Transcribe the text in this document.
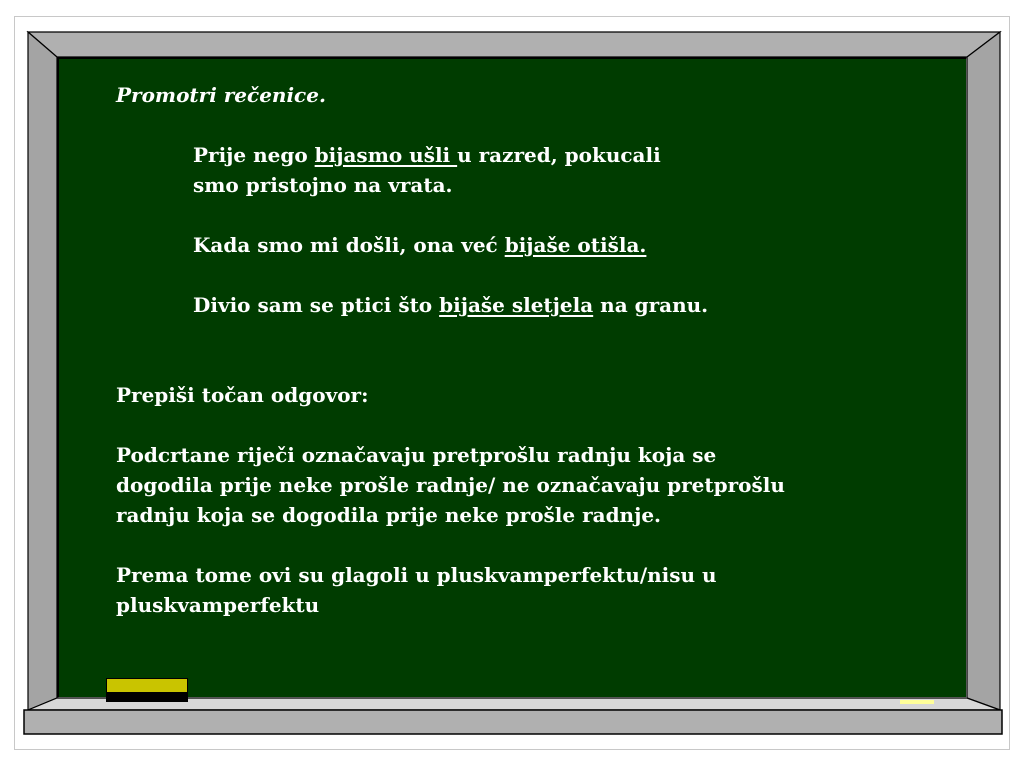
Promotri rečenice.

Prije nego bijasmo ušli u razred, pokucali

smo pristojno na vrata.

Kada smo mi došli, ona već bijaše otišla.

Divio sam se ptici što bijaše sletjela na granu.

Prepiši točan odgovor:

Podcrtane riječi označavaju pretprošlu radnju koja se

dogodila prije neke prošle radnje/ ne označavaju pretprošlu

radnju koja se dogodila prije neke prošle radnje.

Prema tome ovi su glagoli u pluskvamperfektu/nisu u

pluskvamperfektu
